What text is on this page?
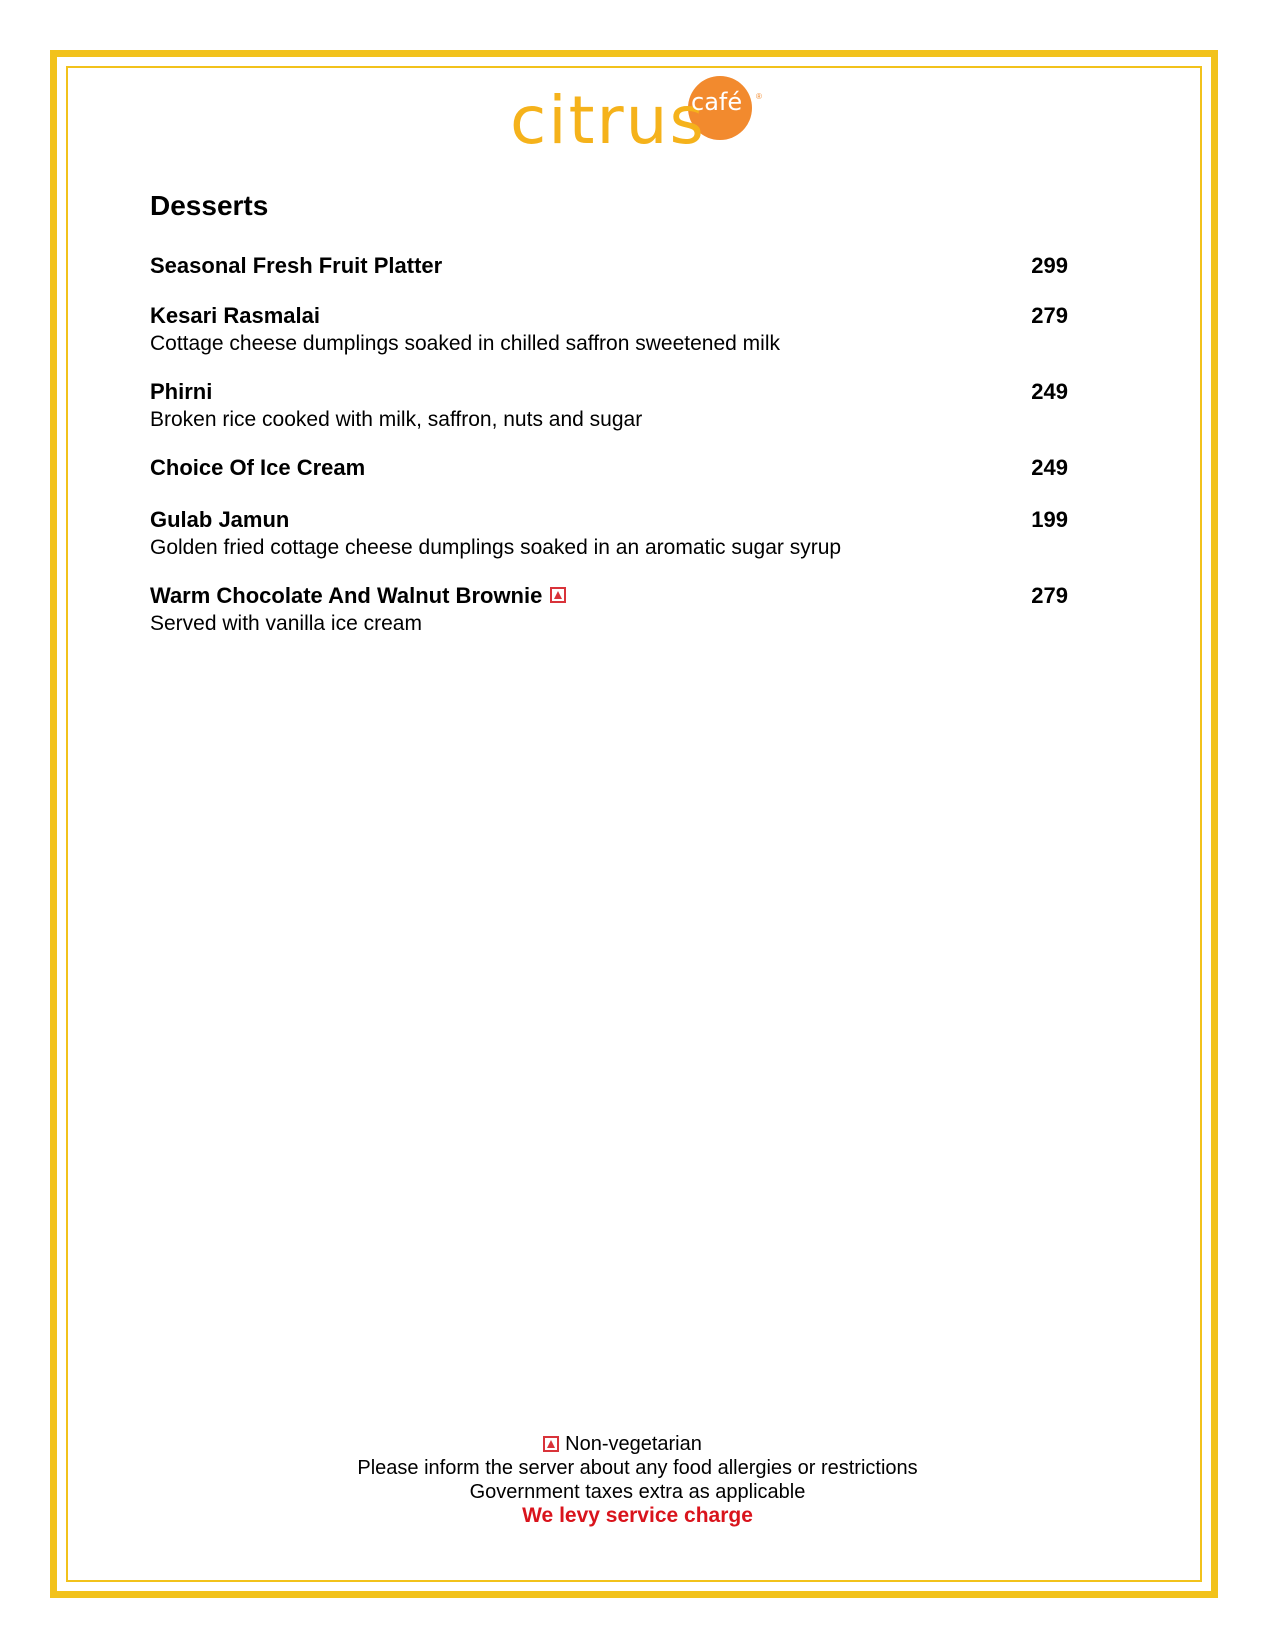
citrus
café ®
Desserts
Seasonal Fresh Fruit Platter	299
Kesari Rasmalai	279
Cottage cheese dumplings soaked in chilled saffron sweetened milk
Phirni	249
Broken rice cooked with milk, saffron, nuts and sugar
Choice Of Ice Cream	249
Gulab Jamun	199
Golden fried cottage cheese dumplings soaked in an aromatic sugar syrup
Warm Chocolate And Walnut Brownie	279
Served with vanilla ice cream
Non-vegetarian
Please inform the server about any food allergies or restrictions
Government taxes extra as applicable
We levy service charge
